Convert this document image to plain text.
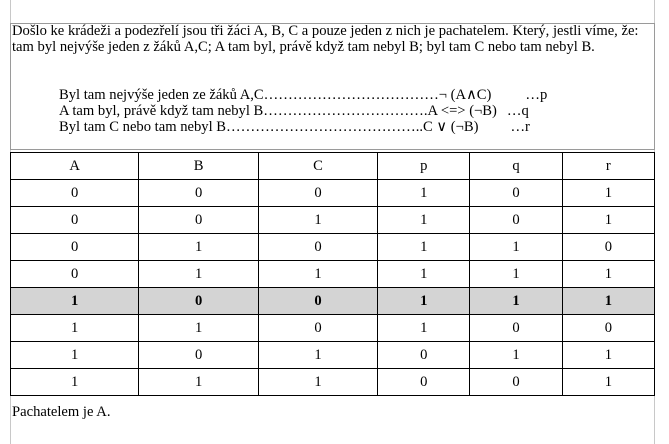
Došlo ke krádeži a podezřelí jsou tři žáci A, B, C a pouze jeden z nich je pachatelem. Který, jestli víme, že: tam byl nejvýše jeden z žáků A,C; A tam byl, právě když tam nebyl B; byl tam C nebo tam nebyl B.

Byl tam nejvýše jeden ze žáků A,C………………………………¬ (A∧C) …p
A tam byl, právě když tam nebyl B…………………………….A <=> (¬B) …q
Byl tam C nebo tam nebyl B…………………………………..C ∨ (¬B) …r
A	B	C	p	q	r
0	0	0	1	0	1
0	0	1	1	0	1
0	1	0	1	1	0
0	1	1	1	1	1
1	0	0	1	1	1
1	1	0	1	0	0
1	0	1	0	1	1
1	1	1	0	0	1

Pachatelem je A.
